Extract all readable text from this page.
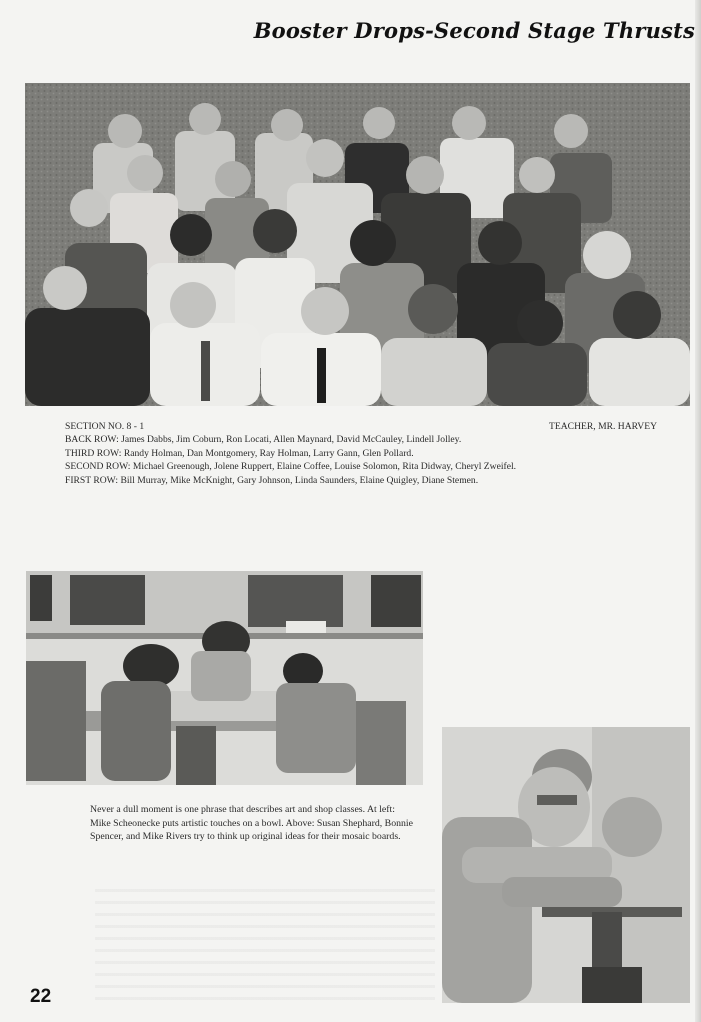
Booster Drops-Second Stage Thrusts
SECTION NO. 8 - 1	TEACHER, MR. HARVEY

BACK ROW: James Dabbs, Jim Coburn, Ron Locati, Allen Maynard, David McCauley, Lindell Jolley.

THIRD ROW: Randy Holman, Dan Montgomery, Ray Holman, Larry Gann, Glen Pollard.

SECOND ROW: Michael Greenough, Jolene Ruppert, Elaine Coffee, Louise Solomon, Rita Didway, Cheryl Zweifel.

FIRST ROW: Bill Murray, Mike McKnight, Gary Johnson, Linda Saunders, Elaine Quigley, Diane Stemen.

Never a dull moment is one phrase that describes art and shop classes. At left: Mike Scheonecke puts artistic touches on a bowl. Above: Susan Shephard, Bonnie Spencer, and Mike Rivers try to think up original ideas for their mosaic boards.
22
